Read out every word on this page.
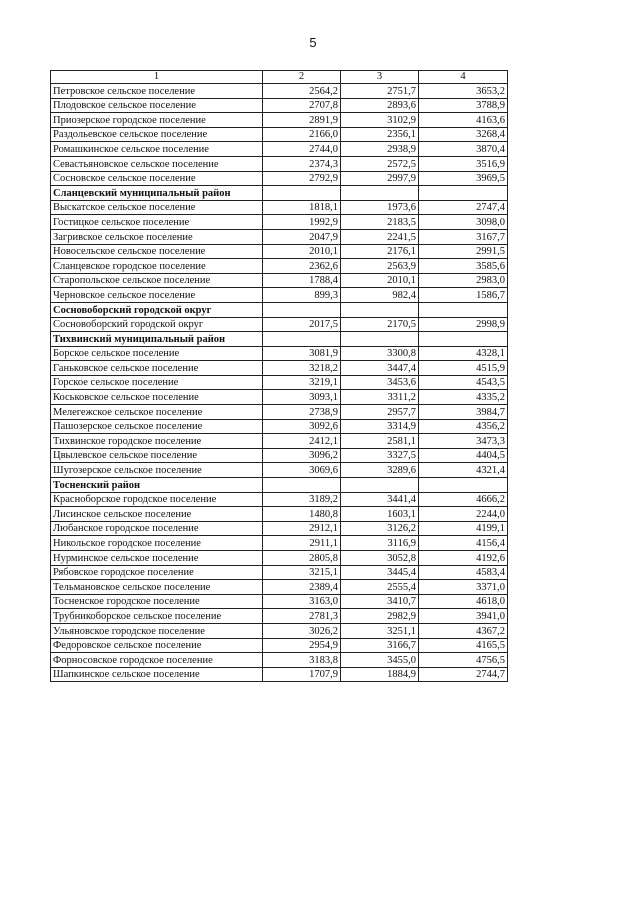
5
1	2	3	4
Петровское сельское поселение	2564,2	2751,7	3653,2
Плодовское сельское поселение	2707,8	2893,6	3788,9
Приозерское городское поселение	2891,9	3102,9	4163,6
Раздольевское сельское поселение	2166,0	2356,1	3268,4
Ромашкинское сельское поселение	2744,0	2938,9	3870,4
Севастьяновское сельское поселение	2374,3	2572,5	3516,9
Сосновское сельское поселение	2792,9	2997,9	3969,5
Сланцевский муниципальный район			
Выскатское сельское поселение	1818,1	1973,6	2747,4
Гостицкое сельское поселение	1992,9	2183,5	3098,0
Загривское сельское поселение	2047,9	2241,5	3167,7
Новосельское сельское поселение	2010,1	2176,1	2991,5
Сланцевское городское поселение	2362,6	2563,9	3585,6
Старопольское сельское поселение	1788,4	2010,1	2983,0
Черновское сельское поселение	899,3	982,4	1586,7
Сосновоборский городской округ			
Сосновоборский городской округ	2017,5	2170,5	2998,9
Тихвинский муниципальный район			
Борское сельское поселение	3081,9	3300,8	4328,1
Ганьковское сельское поселение	3218,2	3447,4	4515,9
Горское сельское поселение	3219,1	3453,6	4543,5
Коськовское сельское поселение	3093,1	3311,2	4335,2
Мелегежское сельское поселение	2738,9	2957,7	3984,7
Пашозерское сельское поселение	3092,6	3314,9	4356,2
Тихвинское городское поселение	2412,1	2581,1	3473,3
Цвылевское сельское поселение	3096,2	3327,5	4404,5
Шугозерское сельское поселение	3069,6	3289,6	4321,4
Тосненский район			
Красноборское городское поселение	3189,2	3441,4	4666,2
Лисинское сельское поселение	1480,8	1603,1	2244,0
Любанское городское поселение	2912,1	3126,2	4199,1
Никольское городское поселение	2911,1	3116,9	4156,4
Нурминское сельское поселение	2805,8	3052,8	4192,6
Рябовское городское поселение	3215,1	3445,4	4583,4
Тельмановское сельское поселение	2389,4	2555,4	3371,0
Тосненское городское поселение	3163,0	3410,7	4618,0
Трубникоборское сельское поселение	2781,3	2982,9	3941,0
Ульяновское городское поселение	3026,2	3251,1	4367,2
Федоровское сельское поселение	2954,9	3166,7	4165,5
Форносовское городское поселение	3183,8	3455,0	4756,5
Шапкинское сельское поселение	1707,9	1884,9	2744,7
